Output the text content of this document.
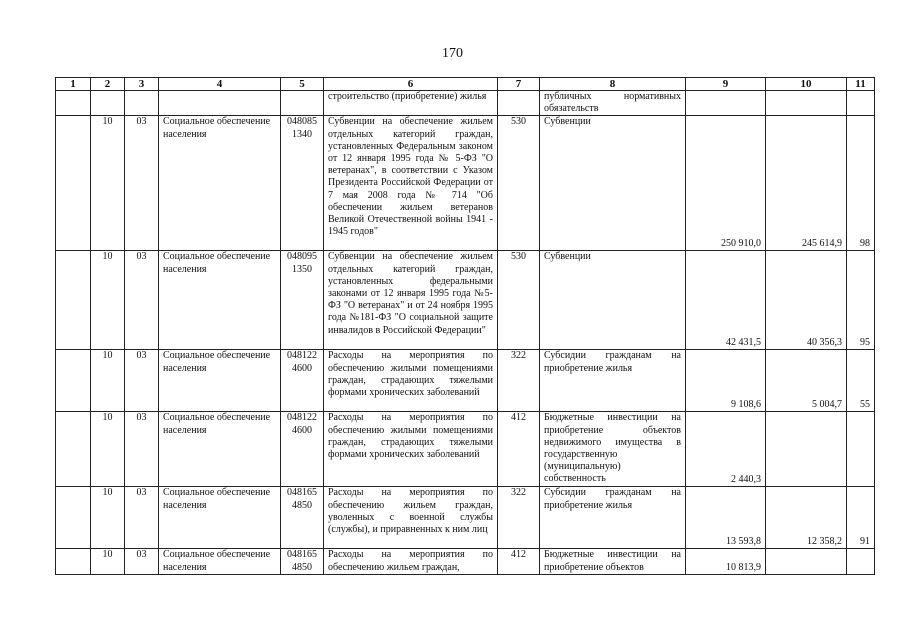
170
1	2	3	4	5	6	7	8	9	10	11
					строительство (приобретение) жилья		публичных нормативных обязательств			
	10	03	Социальное обеспечение населения	048085 1340	Субвенции на обеспечение жильем отдельных категорий граждан, установленных Федеральным законом от 12 января 1995 года № 5-ФЗ "О ветеранах", в соответствии с Указом Президента Российской Федерации от 7 мая 2008 года № 714 "Об обеспечении жильем ветеранов Великой Отечественной войны 1941 - 1945 годов"	530	Субвенции	250 910,0	245 614,9	98
	10	03	Социальное обеспечение населения	048095 1350	Субвенции на обеспечение жильем отдельных категорий граждан, установленных федеральными законами от 12 января 1995 года №5-ФЗ "О ветеранах" и от 24 ноября 1995 года №181-ФЗ "О социальной защите инвалидов в Российской Федерации"	530	Субвенции	42 431,5	40 356,3	95
	10	03	Социальное обеспечение населения	048122 4600	Расходы на мероприятия по обеспечению жилыми помещениями граждан, страдающих тяжелыми формами хронических заболеваний	322	Субсидии гражданам на приобретение жилья	9 108,6	5 004,7	55
	10	03	Социальное обеспечение населения	048122 4600	Расходы на мероприятия по обеспечению жилыми помещениями граждан, страдающих тяжелыми формами хронических заболеваний	412	Бюджетные инвестиции на приобретение объектов недвижимого имущества в государственную (муниципальную) собственность	2 440,3		
	10	03	Социальное обеспечение населения	048165 4850	Расходы на мероприятия по обеспечению жильем граждан, уволенных с военной службы (службы), и приравненных к ним лиц	322	Субсидии гражданам на приобретение жилья	13 593,8	12 358,2	91
	10	03	Социальное обеспечение населения	048165 4850	Расходы на мероприятия по обеспечению жильем граждан,	412	Бюджетные инвестиции на приобретение объектов	10 813,9		
